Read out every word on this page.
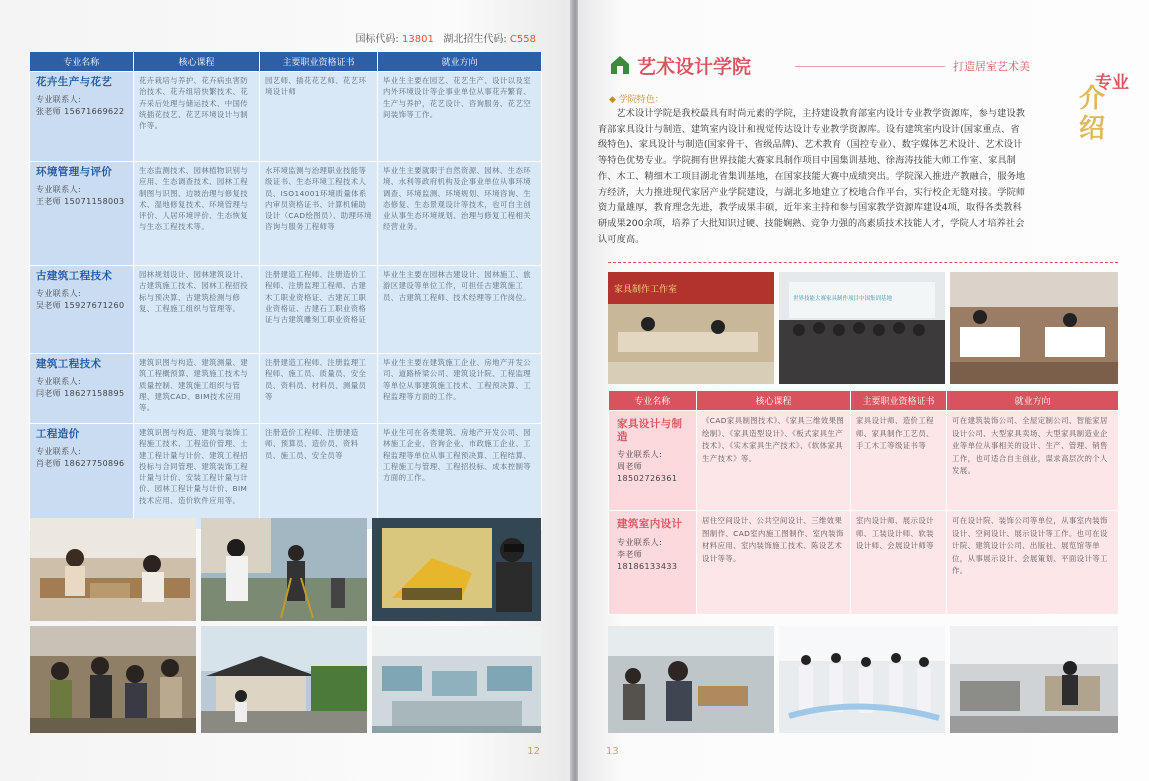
国标代码: 13801 湖北招生代码: C558
专业名称	核心课程	主要职业资格证书	就业方向

花卉生产与花艺
专业联系人:
张老师 15671669622	花卉栽培与养护、花卉病虫害防治技术、花卉组培快繁技术、花卉采后处理与储运技术、中国传统插花技艺、花艺环境设计与制作等。	园艺师、插花花艺师、花艺环境设计师	毕业生主要在园艺、花艺生产、设计以及室内外环境设计等企事业单位从事花卉繁育、生产与养护，花艺设计、咨询服务、花艺空间装饰等工作。

环境管理与评价
专业联系人:
王老师 15071158003	生态监测技术、园林植物识别与应用、生态调查技术、园林工程制图与识图、边坡治理与修复技术、湿地修复技术、环境管理与评价、人居环境评价、生态恢复与生态工程技术等。	水环境监测与治理职业技能等级证书、生态环境工程技术人员、ISO14001环境质量体系内审员资格证书、计算机辅助设计（CAD绘图员）、助理环境咨询与服务工程师等	毕业生主要就职于自然资源、园林、生态环境、水利等政府机构及企事业单位从事环境调查、环境监测、环境规划、环境咨询、生态修复、生态景观设计等技术，也可自主创业从事生态环境规划、治理与修复工程相关经营业务。

古建筑工程技术
专业联系人:
吴老师 15927671260	园林规划设计、园林建筑设计、古建筑施工技术、园林工程招投标与预决算、古建筑检测与修复、工程施工组织与管理等。	注册建造工程师、注册造价工程师、注册监理工程师、古建木工职业资格证、古建瓦工职业资格证、古建石工职业资格证与古建筑雕刻工职业资格证	毕业生主要在园林古建设计、园林施工、旅游区建设等单位工作，可担任古建筑施工员、古建筑工程师、技术经理等工作岗位。

建筑工程技术
专业联系人:
闫老师 18627158895	建筑识图与构造、建筑测量、建筑工程概预算、建筑施工技术与质量控制、建筑施工组织与管理、建筑CAD、BIM技术应用等。	注册建造工程师、注册监理工程师、施工员、质量员、安全员、资料员、材料员、测量员等	毕业生主要在建筑施工企业、房地产开发公司、道路桥梁公司、建筑设计院、工程监理等单位从事建筑施工技术、工程预决算、工程监理等方面的工作。

工程造价
专业联系人:
肖老师 18627750896	建筑识图与构造、建筑与装饰工程施工技术、工程造价管理、土建工程计量与计价、建筑工程招投标与合同管理、建筑装饰工程计量与计价、安装工程计量与计价、园林工程计量与计价、BIM技术应用、造价软件应用等。	注册造价工程师、注册建造师、预算员、造价员、资料员、施工员、安全员等	毕业生可在各类建筑、房地产开发公司、园林施工企业、咨询企业、市政施工企业、工程监理等单位从事工程预决算、工程结算、工程施工与管理、工程招投标、成本控制等方面的工作。
12
艺术设计学院	打造居室艺术美
专业
介绍
◆ 学院特色：
艺术设计学院是我校最具有时尚元素的学院，主持建设教育部室内设计专业教学资源库，参与建设教育部家具设计与制造、建筑室内设计和视觉传达设计专业教学资源库。设有建筑室内设计(国家重点、省级特色)、家具设计与制造(国家骨干、省级品牌)、艺术教育（国控专业）、数字媒体艺术设计、艺术设计等特色优势专业。学院拥有世界技能大赛家具制作项目中国集训基地、徐海涛技能大师工作室、家具制作、木工、精细木工项目湖北省集训基地，在国家技能大赛中成绩突出。学院深入推进产教融合，服务地方经济，大力推进现代家居产业学院建设，与湖北多地建立了校地合作平台，实行校企无缝对接。学院师资力量雄厚，教育理念先进，教学成果丰硕，近年来主持和参与国家教学资源库建设4项，取得各类教科研成果200余项，培养了大批知识过硬、技能娴熟、竞争力强的高素质技术技能人才，学院人才培养社会认可度高。
家具制作工作室
世界技能大赛家具制作项目中国集训基地
专业名称	核心课程	主要职业资格证书	就业方向

家具设计与制造
专业联系人:
周老师 18502726361	《CAD家具制图技术》、《家具三维效果图绘制》、《家具造型设计》、《板式家具生产技术》、《实木家具生产技术》、《软体家具生产技术》等。	家具设计师、造价工程师、家具制作工艺员、手工木工等级证书等	可在建筑装饰公司、全屋定制公司、智能家居设计公司、大型家具卖场、大型家具制造业企业等单位从事相关的设计、生产、管理、销售工作，也可适合自主创业，谋求高层次的个人发展。

建筑室内设计
专业联系人:
李老师18186133433	居住空间设计、公共空间设计、三维效果图制作、CAD室内施工图制作、室内装饰材料应用、室内装饰施工技术、陈设艺术设计等等。	室内设计师、展示设计师、工装设计师、软装设计师、会展设计师等	可在设计院、装饰公司等单位，从事室内装饰设计、空间设计、展示设计等工作。也可在设计院、建筑设计公司、出版社、展览馆等单位，从事展示设计、会展策划、平面设计等工作。
13
